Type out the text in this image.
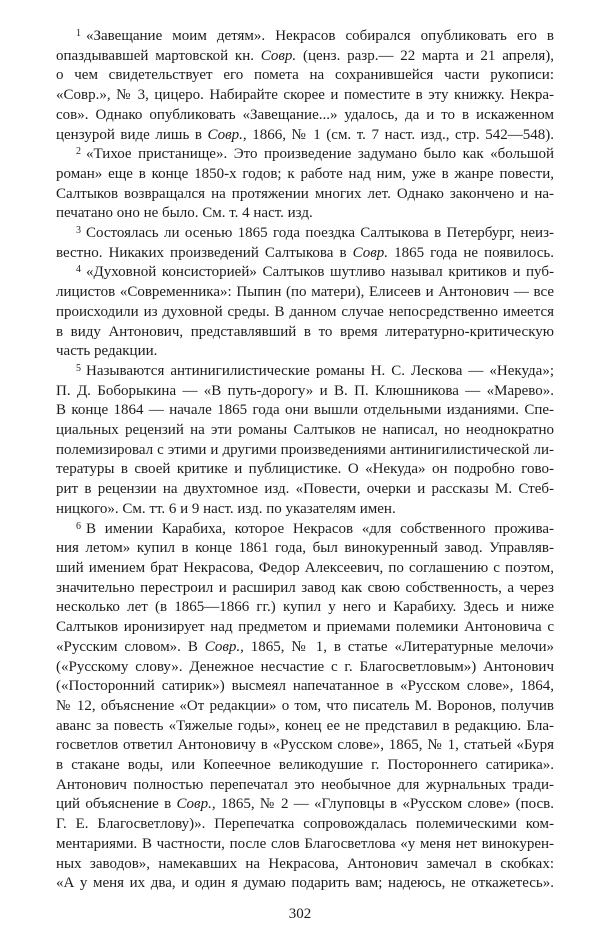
$^1$ «Завещание моим детям». Некрасов собирался опубликовать его в
опаздывавшей мартовской кн. Совр. (ценз. разр.— 22 марта и 21 апреля),
о чем свидетельствует его помета на сохранившейся части рукописи:
«Совр.», № 3, цицеро. Набирайте скорее и поместите в эту книжку. Некра-
сов». Однако опубликовать «Завещание...» удалось, да и то в искаженном
цензурой виде лишь в Совр., 1866, № 1 (см. т. 7 наст. изд., стр. 542—548).
$^2$ «Тихое пристанище». Это произведение задумано было как «большой
роман» еще в конце 1850-х годов; к работе над ним, уже в жанре повести,
Салтыков возвращался на протяжении многих лет. Однако закончено и на-
печатано оно не было. См. т. 4 наст. изд.
$^3$ Состоялась ли осенью 1865 года поездка Салтыкова в Петербург, неиз-
вестно. Никаких произведений Салтыкова в Совр. 1865 года не появилось.
$^4$ «Духовной консисторией» Салтыков шутливо называл критиков и пуб-
лицистов «Современника»: Пыпин (по матери), Елисеев и Антонович — все
происходили из духовной среды. В данном случае непосредственно имеется
в виду Антонович, представлявший в то время литературно-критическую
часть редакции.
$^5$ Называются антинигилистические романы Н. С. Лескова — «Некуда»;
П. Д. Боборыкина — «В путь-дорогу» и В. П. Клюшникова — «Марево».
В конце 1864 — начале 1865 года они вышли отдельными изданиями. Спе-
циальных рецензий на эти романы Салтыков не написал, но неоднократно
полемизировал с этими и другими произведениями антинигилистической ли-
тературы в своей критике и публицистике. О «Некуда» он подробно гово-
рит в рецензии на двухтомное изд. «Повести, очерки и рассказы М. Стеб-
ницкого». См. тт. 6 и 9 наст. изд. по указателям имен.
$^6$ В имении Карабиха, которое Некрасов «для собственного прожива-
ния летом» купил в конце 1861 года, был винокуренный завод. Управляв-
ший имением брат Некрасова, Федор Алексеевич, по соглашению с поэтом,
значительно перестроил и расширил завод как свою собственность, а через
несколько лет (в 1865—1866 гг.) купил у него и Карабиху. Здесь и ниже
Салтыков иронизирует над предметом и приемами полемики Антоновича с
«Русским словом». В Совр., 1865, № 1, в статье «Литературные мелочи»
(«Русскому слову». Денежное несчастие с г. Благосветловым») Антонович
(«Посторонний сатирик») высмеял напечатанное в «Русском слове», 1864,
№ 12, объяснение «От редакции» о том, что писатель М. Воронов, получив
аванс за повесть «Тяжелые годы», конец ее не представил в редакцию. Бла-
госветлов ответил Антоновичу в «Русском слове», 1865, № 1, статьей «Буря
в стакане воды, или Копеечное великодушие г. Постороннего сатирика».
Антонович полностью перепечатал это необычное для журнальных тради-
ций объяснение в Совр., 1865, № 2 — «Глуповцы в «Русском слове» (посв.
Г. Е. Благосветлову)». Перепечатка сопровождалась полемическими ком-
ментариями. В частности, после слов Благосветлова «у меня нет винокурен-
ных заводов», намекавших на Некрасова, Антонович замечал в скобках:
«А у меня их два, и один я думаю подарить вам; надеюсь, не откажетесь».
302
